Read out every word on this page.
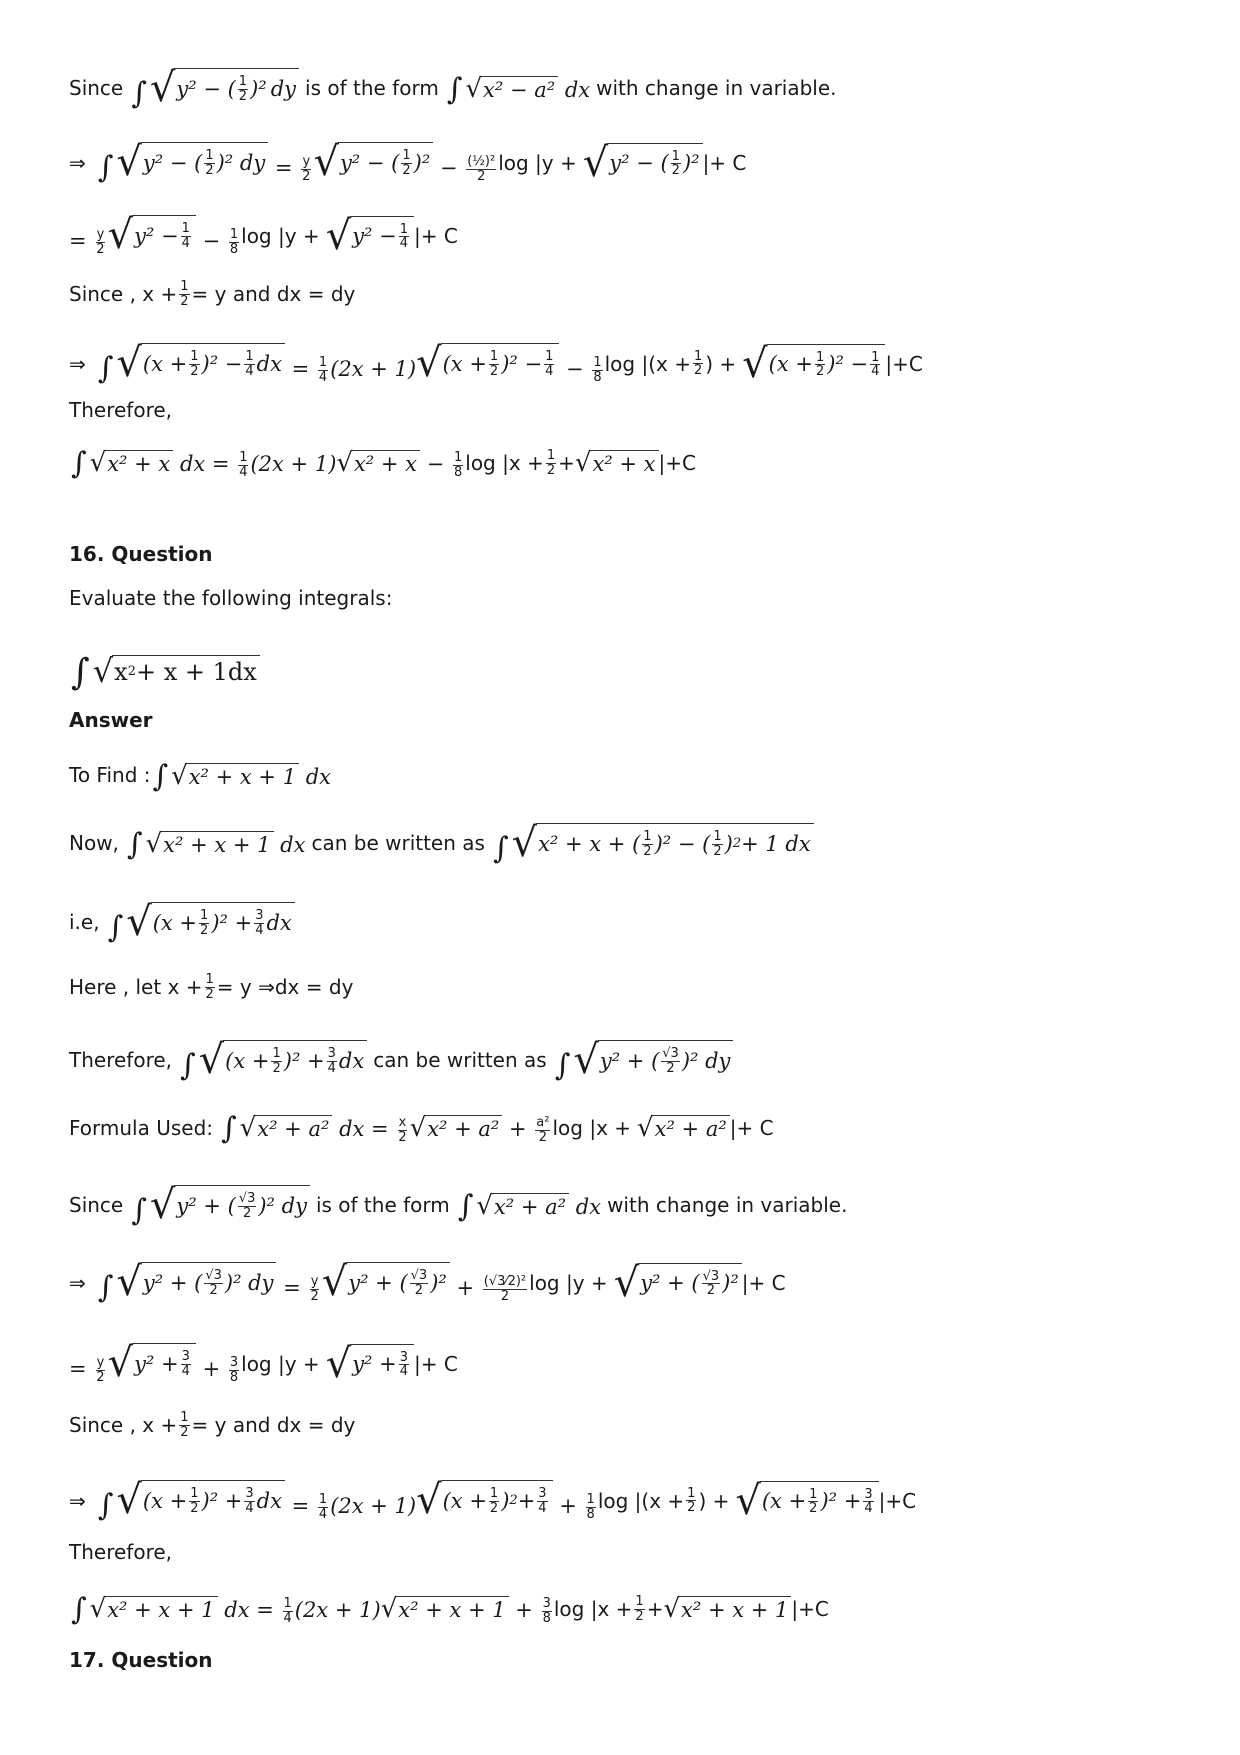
Since ∫ √ y² − ( $\frac{1}{2} )^2$ dy is of the form ∫ √ x² − a² dx with change in variable.
⇒ ∫ √ y² − ( $\frac{1}{2} )^2$ dy = $\frac{y}{2}$ √ y² − ( $\frac{1}{2} )^2 - \frac{\text{(½)²}}{2}$ log |y + √ y² − ( $\frac{1}{2} )^2$ |+ C
= $\frac{y}{2}$ √ $y^2 - \frac{1}{4} - \frac{1}{8}$ log |y + √ $y^2 - \frac{1}{4}$ |+ C
Since , $x + \frac{1}{2} = y$ and dx = dy
⇒ ∫ √ $(x + \frac{1}{2} )^2 - \frac{1}{4}$ dx = $\frac{1}{4} (2x + 1)$ √ $(x + \frac{1}{2} )^2 - \frac{1}{4} - \frac{1}{8}$ $\log |(x + \frac{1}{2}$ ) + √ $(x + \frac{1}{2} )^2 - \frac{1}{4} |+C$
Therefore,
∫ √ x² + x dx = $\frac{1}{4} (2x + 1)$ √ $x^2 + x - \frac{1}{8}$ $\log |x + \frac{1}{2}$ + √ x² + x |+C
16. Question
Evaluate the following integrals:
∫ √ x 2 + x + 1dx
Answer
To Find : ∫ √ x² + x + 1 dx
Now, ∫ √ x² + x + 1 dx can be written as ∫ √ x² + x + ( $\frac{1}{2} )^2$ − ( $\frac{1}{2}$ ) 2 + 1 dx
i.e, ∫ √ $(x + \frac{1}{2} )^2 + \frac{3}{4}$ dx
Here , let $x + \frac{1}{2} = y$ ⇒dx = dy
Therefore, ∫ √ $(x + \frac{1}{2} )^2 + \frac{3}{4}$ dx can be written as ∫ √ y² + ( $\frac{√3}{2} )^2$ dy
Formula Used: ∫ √ x² + a² dx = $\frac{x}{2}$ √ $x^2 + a^2 + \frac{\text{a²}}{2}$ log |x + √ x² + a² |+ C
Since ∫ √ y² + ( $\frac{√3}{2} )^2$ dy is of the form ∫ √ x² + a² dx with change in variable.
⇒ ∫ √ y² + ( $\frac{√3}{2} )^2$ dy = $\frac{y}{2}$ √ y² + ( $\frac{√3}{2} )^2 + \frac{\text{(√3⁄2)²}}{2}$ log |y + √ y² + ( $\frac{√3}{2} )^2$ |+ C
= $\frac{y}{2}$ √ $y^2 + \frac{3}{4} + \frac{3}{8}$ log |y + √ $y^2 + \frac{3}{4}$ |+ C
Since , $x + \frac{1}{2} = y$ and dx = dy
⇒ ∫ √ $(x + \frac{1}{2} )^2 + \frac{3}{4}$ dx = $\frac{1}{4} (2x + 1)$ √ ($x + \frac{1}{2}$ ) $2 + \frac{3}{4} + \frac{1}{8}$ $\log |(x + \frac{1}{2}$ ) + √ $(x + \frac{1}{2} )^2 + \frac{3}{4} |+C$
Therefore,
∫ √ x² + x + 1 dx = $\frac{1}{4} (2x + 1)$ √ $x^2 + x + 1 + \frac{3}{8}$ $\log |x + \frac{1}{2}$ + √ x² + x + 1 |+C
17. Question
